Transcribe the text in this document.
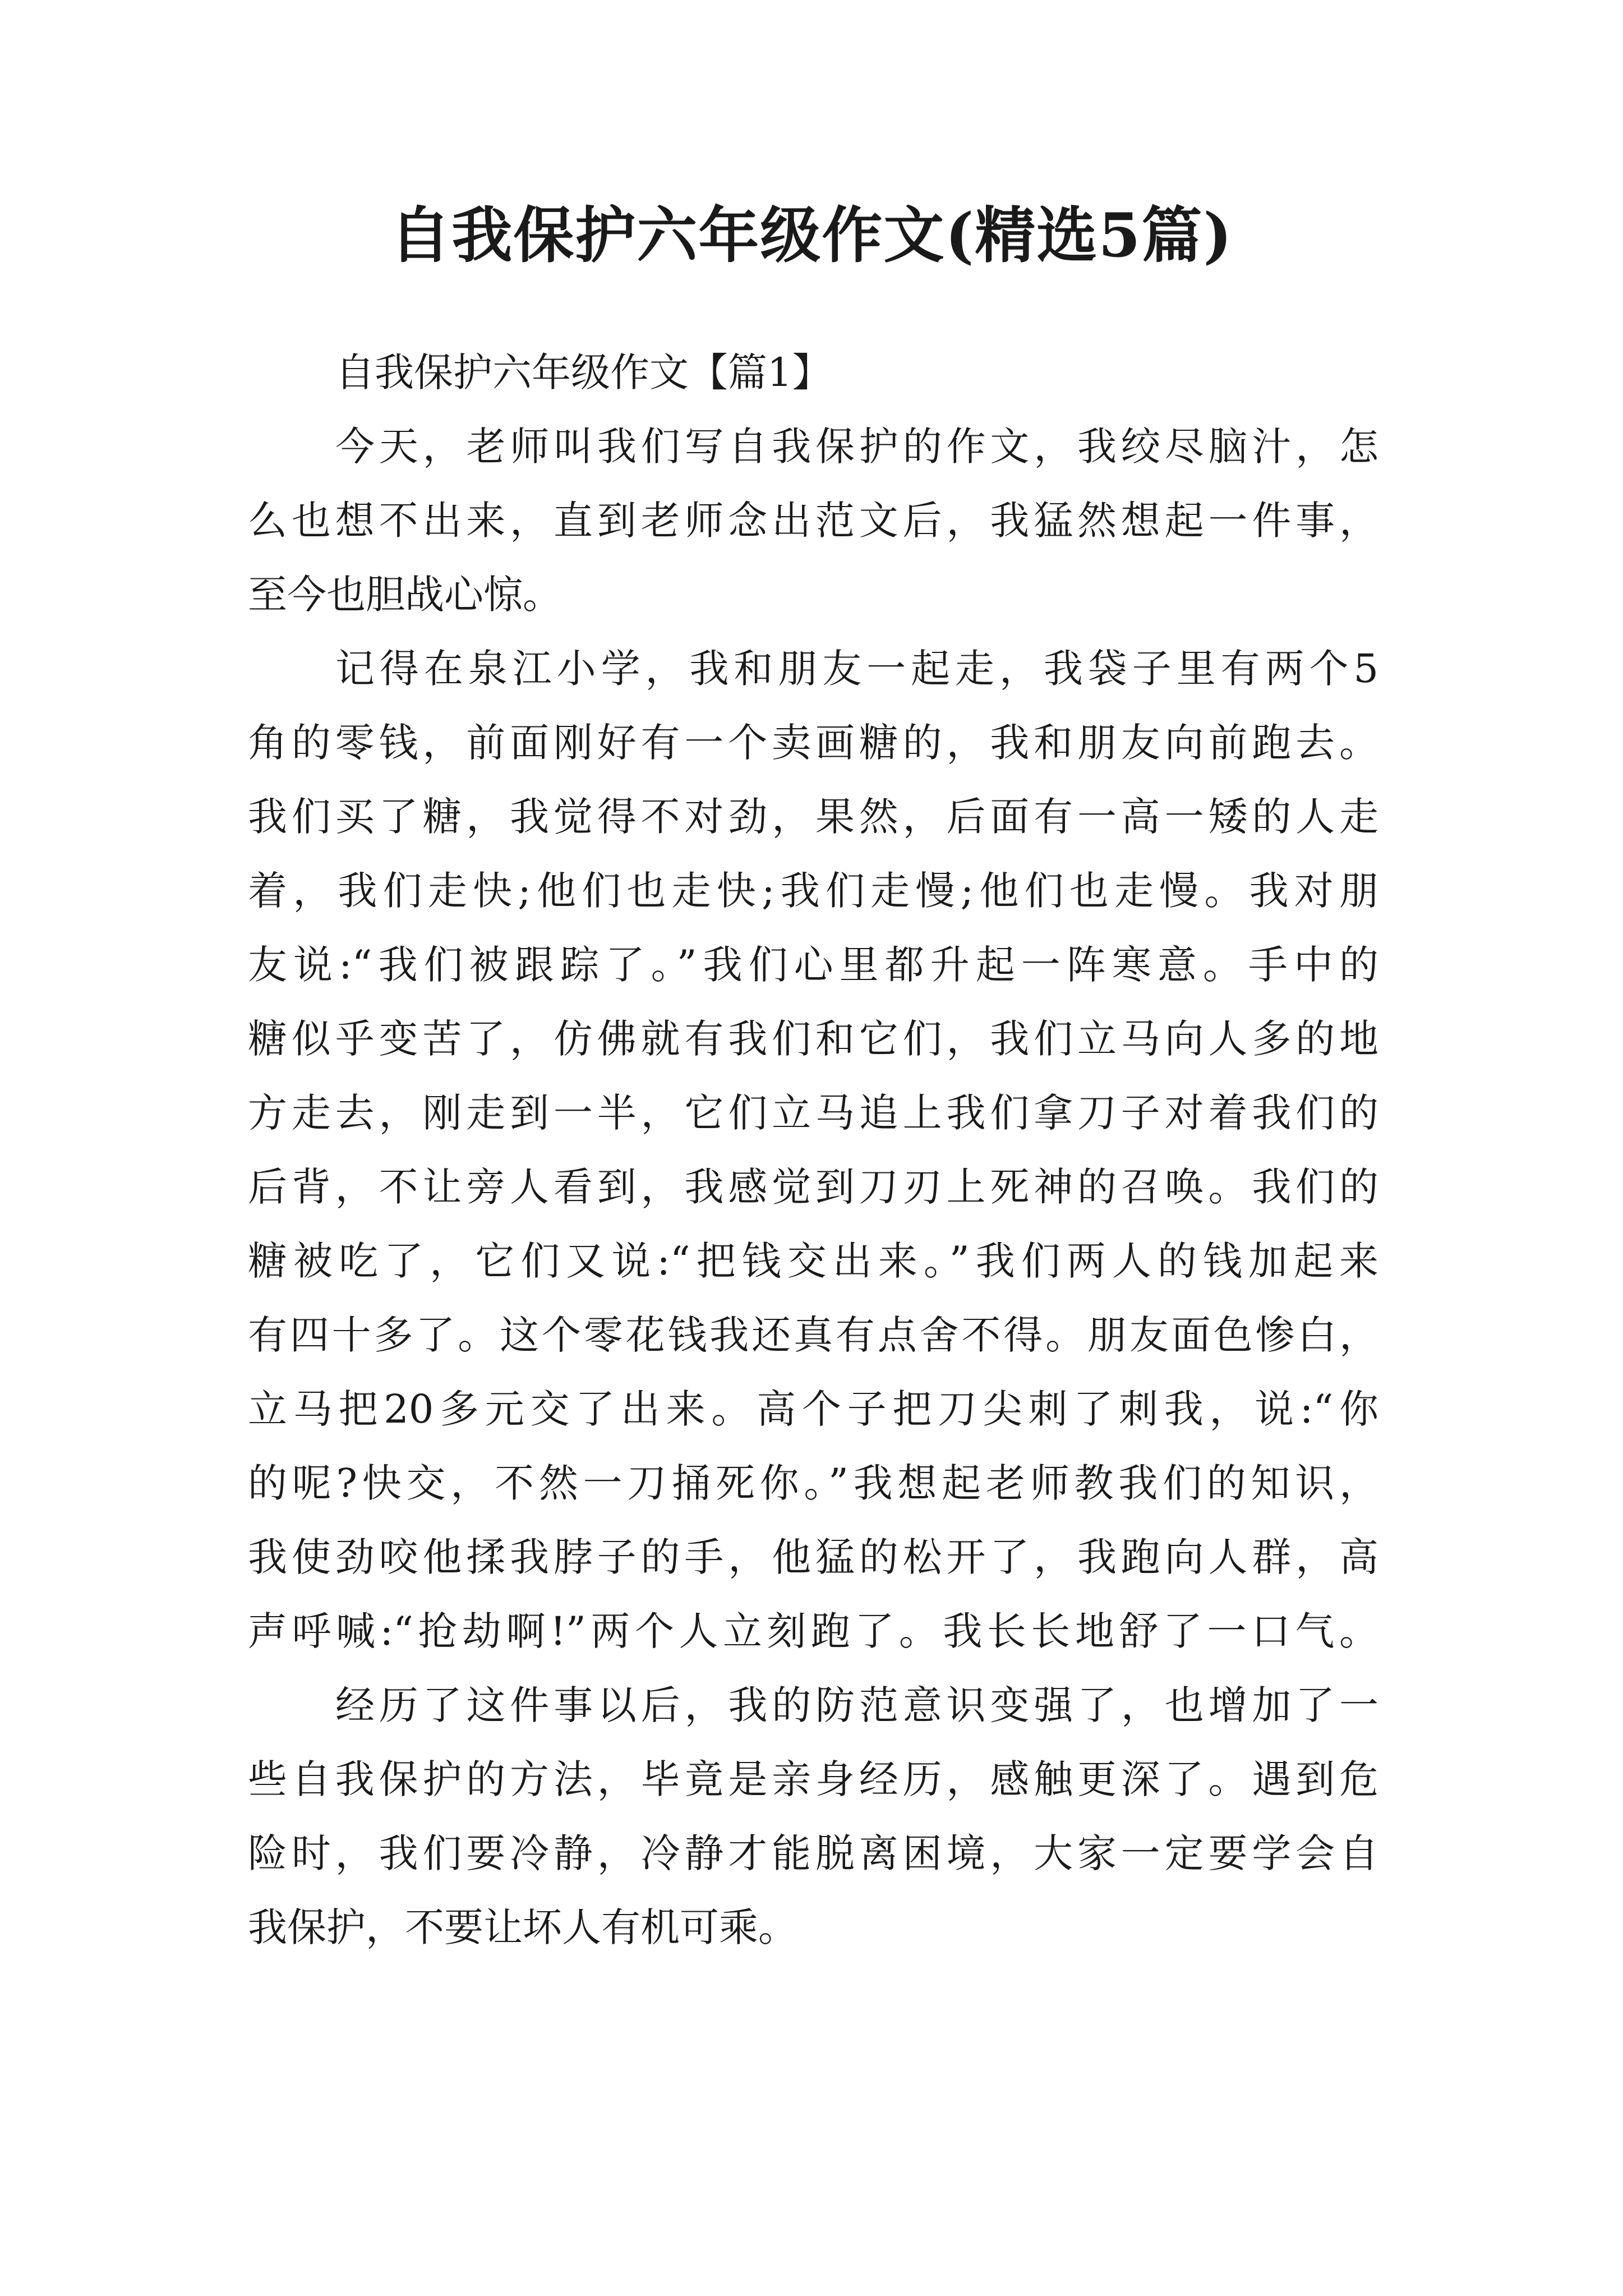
自我保护六年级作文(精选5篇)
自我保护六年级作文【篇1】
今天，老师叫我们写自我保护的作文，我绞尽脑汁，怎
么也想不出来，直到老师念出范文后，我猛然想起一件事，
至今也胆战心惊。
记得在泉江小学，我和朋友一起走，我袋子里有两个5
角的零钱，前面刚好有一个卖画糖的，我和朋友向前跑去。
我们买了糖，我觉得不对劲，果然，后面有一高一矮的人走
着，我们走快;他们也走快;我们走慢;他们也走慢。我对朋
友说:“我们被跟踪了。”我们心里都升起一阵寒意。手中的
糖似乎变苦了，仿佛就有我们和它们，我们立马向人多的地
方走去，刚走到一半，它们立马追上我们拿刀子对着我们的
后背，不让旁人看到，我感觉到刀刃上死神的召唤。我们的
糖被吃了，它们又说:“把钱交出来。”我们两人的钱加起来
有四十多了。这个零花钱我还真有点舍不得。朋友面色惨白，
立马把20多元交了出来。高个子把刀尖刺了刺我，说:“你
的呢?快交，不然一刀捅死你。”我想起老师教我们的知识，
我使劲咬他揉我脖子的手，他猛的松开了，我跑向人群，高
声呼喊:“抢劫啊!”两个人立刻跑了。我长长地舒了一口气。
经历了这件事以后，我的防范意识变强了，也增加了一
些自我保护的方法，毕竟是亲身经历，感触更深了。遇到危
险时，我们要冷静，冷静才能脱离困境，大家一定要学会自
我保护，不要让坏人有机可乘。
